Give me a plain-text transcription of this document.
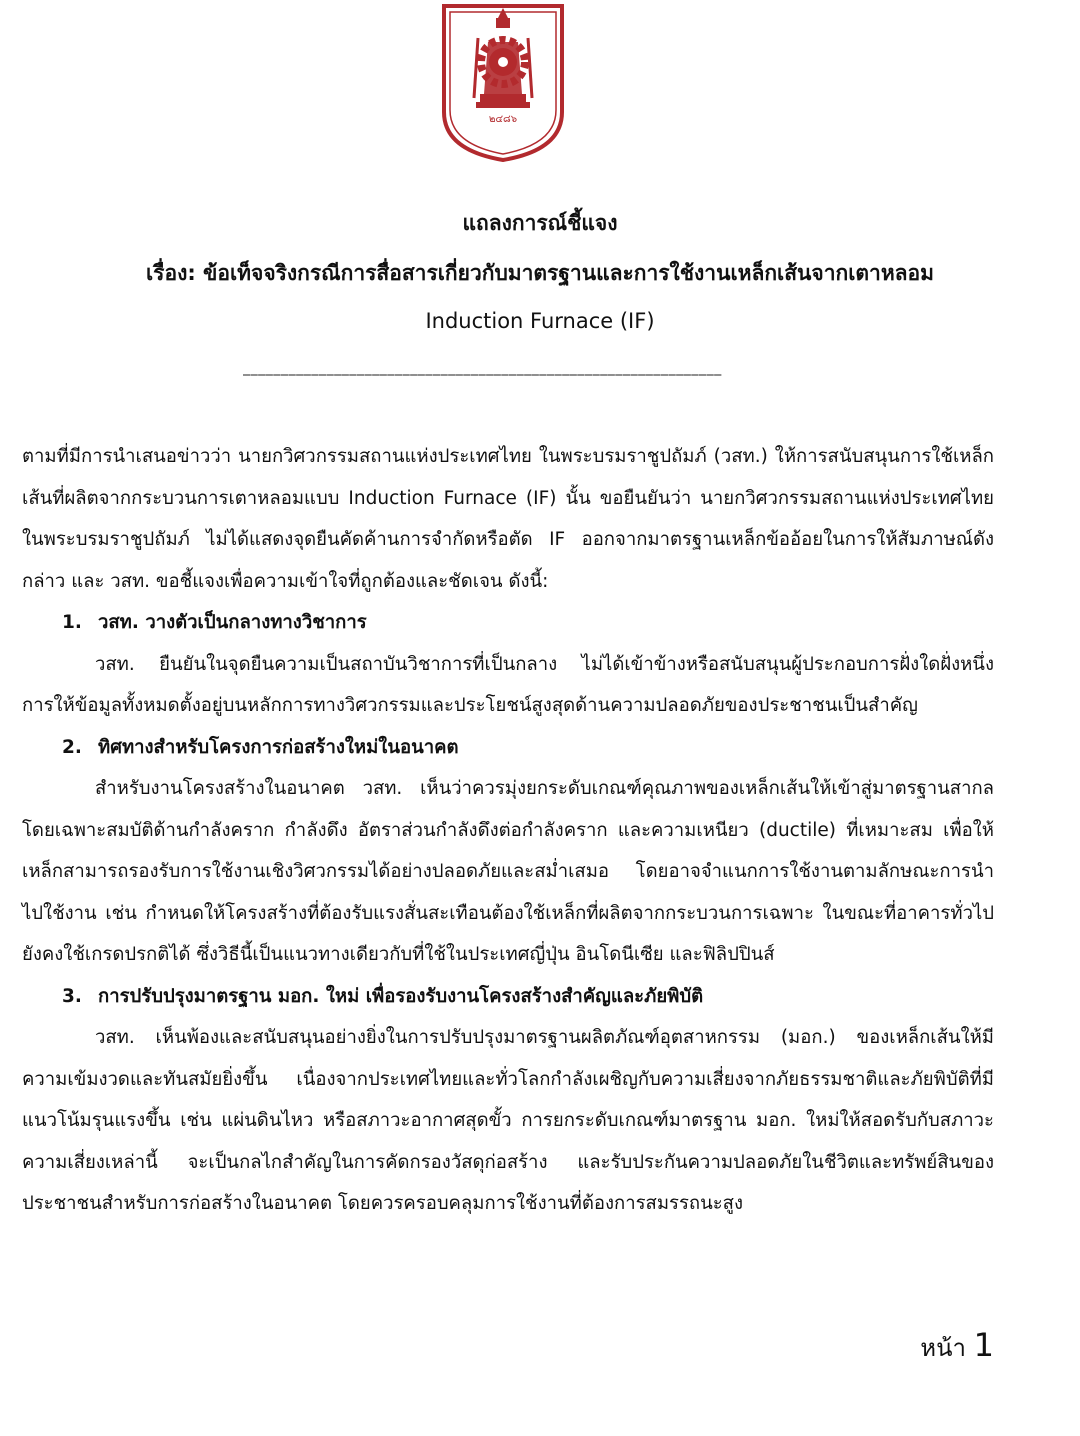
๒๔๘๖
แถลงการณ์ชี้แจง
เรื่อง: ข้อเท็จจริงกรณีการสื่อสารเกี่ยวกับมาตรฐานและการใช้งานเหล็กเส้นจากเตาหลอม
Induction Furnace (IF)
_______________________________________________________________

ตามที่มีการนำเสนอข่าวว่า นายกวิศวกรรมสถานแห่งประเทศไทย ในพระบรมราชูปถัมภ์ (วสท.) ให้การสนับสนุนการใช้เหล็กเส้นที่ผลิตจากกระบวนการเตาหลอมแบบ Induction Furnace (IF) นั้น ขอยืนยันว่า นายกวิศวกรรมสถานแห่งประเทศไทย ในพระบรมราชูปถัมภ์ ไม่ได้แสดงจุดยืนคัดค้านการจำกัดหรือตัด IF ออกจากมาตรฐานเหล็กข้ออ้อยในการให้สัมภาษณ์ดังกล่าว และ วสท. ขอชี้แจงเพื่อความเข้าใจที่ถูกต้องและชัดเจน ดังนี้:

1. วสท. วางตัวเป็นกลางทางวิชาการ

วสท. ยืนยันในจุดยืนความเป็นสถาบันวิชาการที่เป็นกลาง ไม่ได้เข้าข้างหรือสนับสนุนผู้ประกอบการฝั่งใดฝั่งหนึ่ง การให้ข้อมูลทั้งหมดตั้งอยู่บนหลักการทางวิศวกรรมและประโยชน์สูงสุดด้านความปลอดภัยของประชาชนเป็นสำคัญ

2. ทิศทางสำหรับโครงการก่อสร้างใหม่ในอนาคต

สำหรับงานโครงสร้างในอนาคต วสท. เห็นว่าควรมุ่งยกระดับเกณฑ์คุณภาพของเหล็กเส้นให้เข้าสู่มาตรฐานสากล โดยเฉพาะสมบัติด้านกำลังคราก กำลังดึง อัตราส่วนกำลังดึงต่อกำลังคราก และความเหนียว (ductile) ที่เหมาะสม เพื่อให้เหล็กสามารถรองรับการใช้งานเชิงวิศวกรรมได้อย่างปลอดภัยและสม่ำเสมอ โดยอาจจำแนกการใช้งานตามลักษณะการนำไปใช้งาน เช่น กำหนดให้โครงสร้างที่ต้องรับแรงสั่นสะเทือนต้องใช้เหล็กที่ผลิตจากกระบวนการเฉพาะ ในขณะที่อาคารทั่วไปยังคงใช้เกรดปรกติได้ ซึ่งวิธีนี้เป็นแนวทางเดียวกับที่ใช้ในประเทศญี่ปุ่น อินโดนีเซีย และฟิลิปปินส์

3. การปรับปรุงมาตรฐาน มอก. ใหม่ เพื่อรองรับงานโครงสร้างสำคัญและภัยพิบัติ

วสท. เห็นพ้องและสนับสนุนอย่างยิ่งในการปรับปรุงมาตรฐานผลิตภัณฑ์อุตสาหกรรม (มอก.) ของเหล็กเส้นให้มีความเข้มงวดและทันสมัยยิ่งขึ้น เนื่องจากประเทศไทยและทั่วโลกกำลังเผชิญกับความเสี่ยงจากภัยธรรมชาติและภัยพิบัติที่มีแนวโน้มรุนแรงขึ้น เช่น แผ่นดินไหว หรือสภาวะอากาศสุดขั้ว การยกระดับเกณฑ์มาตรฐาน มอก. ใหม่ให้สอดรับกับสภาวะความเสี่ยงเหล่านี้ จะเป็นกลไกสำคัญในการคัดกรองวัสดุก่อสร้าง และรับประกันความปลอดภัยในชีวิตและทรัพย์สินของประชาชนสำหรับการก่อสร้างในอนาคต โดยควรครอบคลุมการใช้งานที่ต้องการสมรรถนะสูง

หน้า 1
